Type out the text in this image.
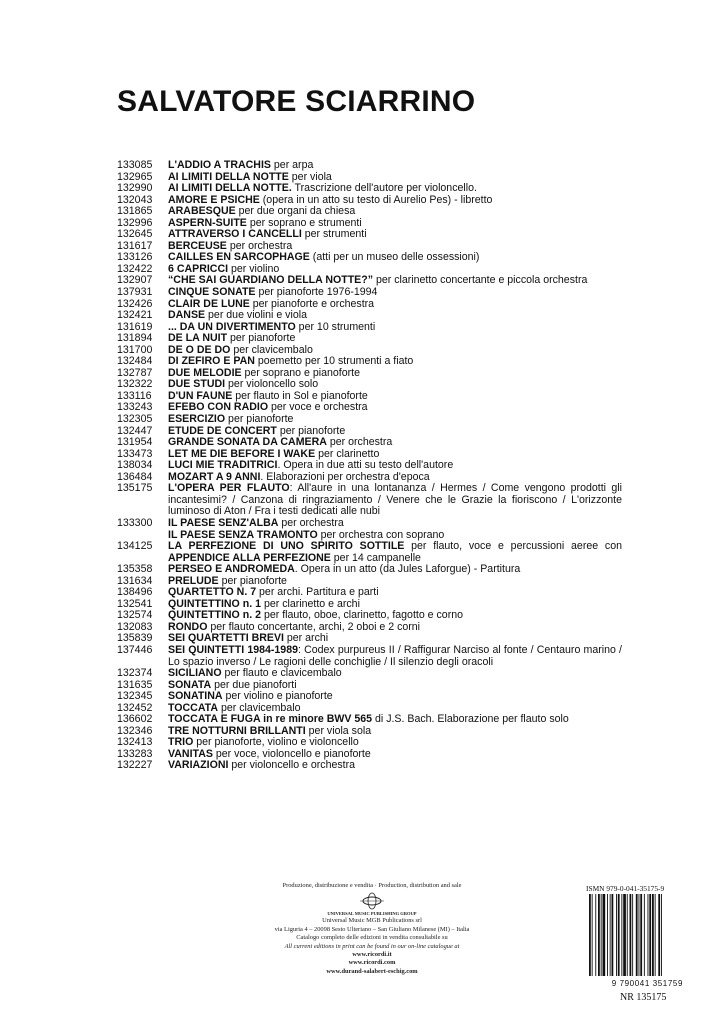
SALVATORE SCIARRINO
133085	L'ADDIO A TRACHIS per arpa
132965	AI LIMITI DELLA NOTTE per viola
132990	AI LIMITI DELLA NOTTE. Trascrizione dell'autore per violoncello.
132043	AMORE E PSICHE (opera in un atto su testo di Aurelio Pes) - libretto
131865	ARABESQUE per due organi da chiesa
132996	ASPERN-SUITE per soprano e strumenti
132645	ATTRAVERSO I CANCELLI per strumenti
131617	BERCEUSE per orchestra
133126	CAILLES EN SARCOPHAGE (atti per un museo delle ossessioni)
132422	6 CAPRICCI per violino
132907	“CHE SAI GUARDIANO DELLA NOTTE?” per clarinetto concertante e piccola orchestra
137931	CINQUE SONATE per pianoforte 1976-1994
132426	CLAIR DE LUNE per pianoforte e orchestra
132421	DANSE per due violini e viola
131619	... DA UN DIVERTIMENTO per 10 strumenti
131894	DE LA NUIT per pianoforte
131700	DE O DE DO per clavicembalo
132484	DI ZEFIRO E PAN poemetto per 10 strumenti a fiato
132787	DUE MELODIE per soprano e pianoforte
132322	DUE STUDI per violoncello solo
133116	D'UN FAUNE per flauto in Sol e pianoforte
133243	EFEBO CON RADIO per voce e orchestra
132305	ESERCIZIO per pianoforte
132447	ETUDE DE CONCERT per pianoforte
131954	GRANDE SONATA DA CAMERA per orchestra
133473	LET ME DIE BEFORE I WAKE per clarinetto
138034	LUCI MIE TRADITRICI. Opera in due atti su testo dell'autore
136484	MOZART A 9 ANNI. Elaborazioni per orchestra d'epoca
135175	L'OPERA PER FLAUTO: All'aure in una lontananza / Hermes / Come vengono prodotti gli incantesimi? / Canzona di ringraziamento / Venere che le Grazie la fioriscono / L'orizzonte luminoso di Aton / Fra i testi dedicati alle nubi
133300	IL PAESE SENZ'ALBA per orchestra
IL PAESE SENZA TRAMONTO per orchestra con soprano
134125	LA PERFEZIONE DI UNO SPIRITO SOTTILE per flauto, voce e percussioni aeree con APPENDICE ALLA PERFEZIONE per 14 campanelle
135358	PERSEO E ANDROMEDA. Opera in un atto (da Jules Laforgue) - Partitura
131634	PRELUDE per pianoforte
138496	QUARTETTO N. 7 per archi. Partitura e parti
132541	QUINTETTINO n. 1 per clarinetto e archi
132574	QUINTETTINO n. 2 per flauto, oboe, clarinetto, fagotto e corno
132083	RONDO per flauto concertante, archi, 2 oboi e 2 corni
135839	SEI QUARTETTI BREVI per archi
137446	SEI QUINTETTI 1984-1989: Codex purpureus II / Raffigurar Narciso al fonte / Centauro marino / Lo spazio inverso / Le ragioni delle conchiglie / Il silenzio degli oracoli
132374	SICILIANO per flauto e clavicembalo
131635	SONATA per due pianoforti
132345	SONATINA per violino e pianoforte
132452	TOCCATA per clavicembalo
136602	TOCCATA E FUGA in re minore BWV 565 di J.S. Bach. Elaborazione per flauto solo
132346	TRE NOTTURNI BRILLANTI per viola sola
132413	TRIO per pianoforte, violino e violoncello
133283	VANITAS per voce, violoncello e pianoforte
132227	VARIAZIONI per violoncello e orchestra
Produzione, distribuzione e vendita · Production, distribution and sale
UNIVERSAL MUSIC PUBLISHING GROUP
Universal Music MGB Publications srl
via Liguria 4 – 20098 Sesto Ulteriano – San Giuliano Milanese (MI) – Italia
Catalogo completo delle edizioni in vendita consultabile su
All current editions in print can be found in our on-line catalogue at
www.ricordi.it
www.ricordi.com
www.durand-salabert-eschig.com
ISMN 979-0-041-35175-9
9 790041 351759
NR 135175
